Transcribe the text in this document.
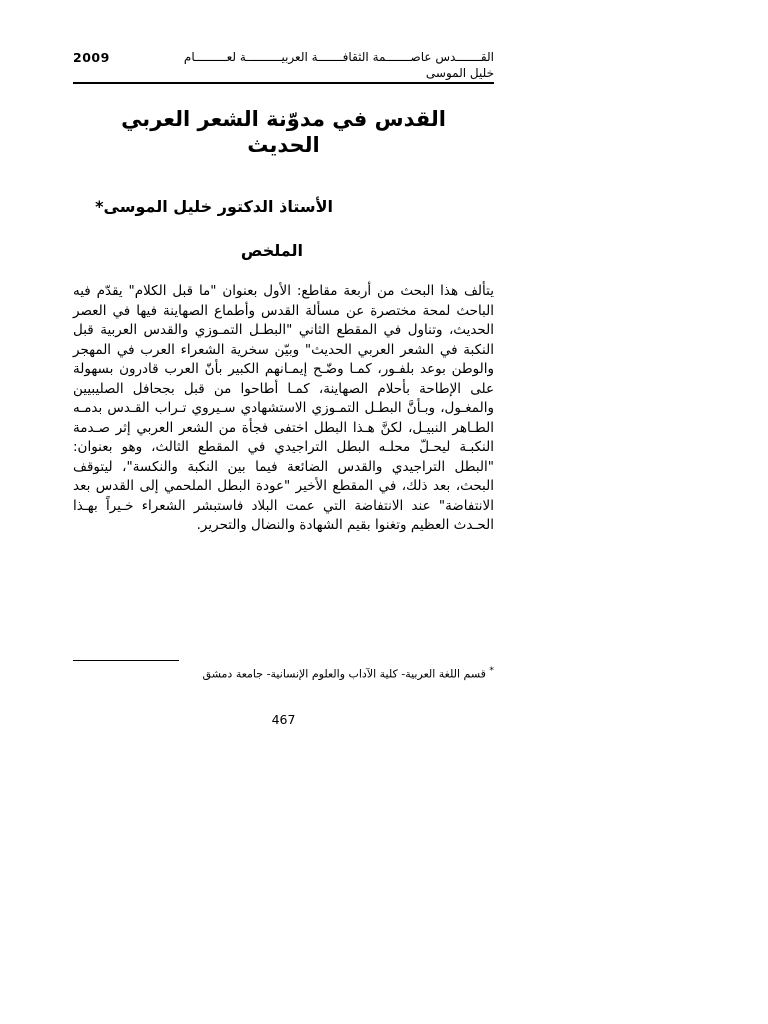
2009	القـــــــدس عاصـــــــمة الثقافـــــــة العربيــــــــــة لعـــــــــام
خليل الموسى
القدس في مدوّنة الشعر العربي
الحديث
الأستاذ الدكتور خليل الموسى*
الملخص

يتألف هذا البحث من أربعة مقاطع: الأول بعنوان "ما قبل الكلام" يقدّم فيه الباحث لمحة مختصرة عن مسألة القدس وأطماع الصهاينة فيها في العصر الحديث، وتناول في المقطع الثاني "البطـل التمـوزي والقدس العربية قبل النكبة في الشعر العربي الحديث" وبيّن سخرية الشعراء العرب في المهجر والوطن بوعد بلفـور، كمـا وضّـح إيمـانهم الكبير بأنّ العرب قادرون بسهولة على الإطاحة بأحلام الصهاينة، كمـا أطاحوا من قبل بجحافل الصليبيين والمغـول، وبـأنَّ البطـل التمـوزي الاستشهادي سـيروي تـراب القـدس بدمـه الطـاهر النبيـل، لكنَّ هـذا البطل اختفى فجأة من الشعر العربي إثر صـدمة النكبـة ليحـلّ محلـه البطل التراجيدي في المقطع الثالث، وهو بعنوان: "البطل التراجيدي والقدس الضائعة فيما بين النكبة والنكسة"، ليتوقف البحث، بعد ذلك، في المقطع الأخير "عودة البطل الملحمي إلى القدس بعد الانتفاضة" عند الانتفاضة التي عمت البلاد فاستبشر الشعراء خـيراً بهـذا الحـدث العظيم وتغنوا بقيم الشهادة والنضال والتحرير.

* قسم اللغة العربية- كلية الآداب والعلوم الإنسانية- جامعة دمشق
467
